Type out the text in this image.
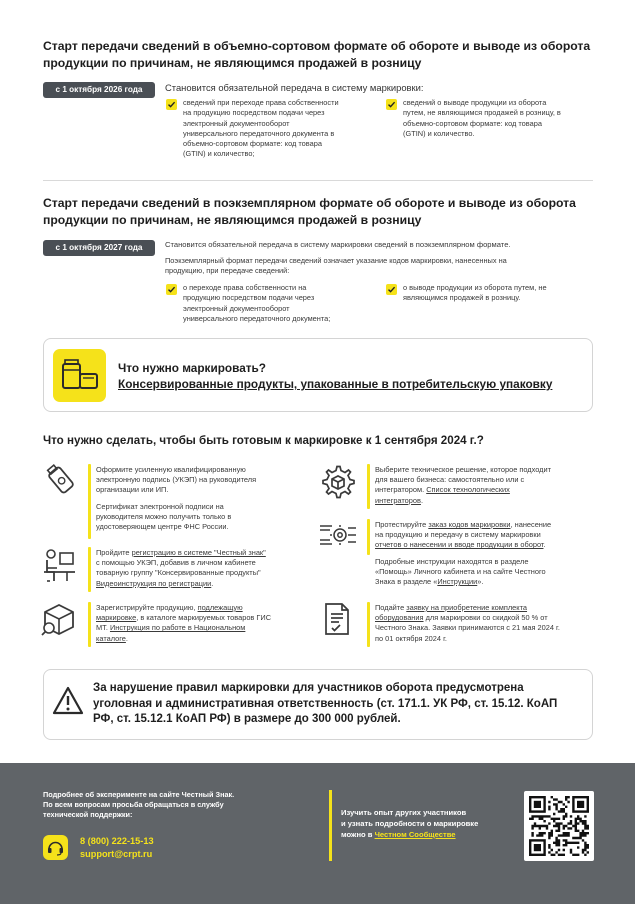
Старт передачи сведений в объемно-сортовом формате об обороте и выводе из оборота
продукции по причинам, не являющимся продажей в розницу
с 1 октября 2026 года	Становится обязательной передача в систему маркировки:
сведений при переходе права собственности
на продукцию посредством подачи через
электронный документооборот
универсального передаточного документа в
объемно-сортовом формате: код товара
(GTIN) и количество;
сведений о выводе продукции из оборота
путем, не являющимся продажей в розницу, в
объемно-сортовом формате: код товара
(GTIN) и количество.
Старт передачи сведений в поэкземплярном формате об обороте и выводе из оборота
продукции по причинам, не являющимся продажей в розницу
с 1 октября 2027 года	Становится обязательной передача в систему маркировки сведений в поэкземплярном формате.
Поэкземплярный формат передачи сведений означает указание кодов маркировки, нанесенных на
продукцию, при передаче сведений:
о переходе права собственности на
продукцию посредством подачи через
электронный документооборот
универсального передаточного документа;
о выводе продукции из оборота путем, не
являющимся продажей в розницу.
Что нужно маркировать?
Консервированные продукты, упакованные в потребительскую упаковку
Что нужно сделать, чтобы быть готовым к маркировке к 1 сентября 2024 г.?
Оформите усиленную квалифицированную
электронную подпись (УКЭП) на руководителя
организации или ИП.
Сертификат электронной подписи на
руководителя можно получить только в
удостоверяющем центре ФНС России.
Пройдите регистрацию в системе "Честный знак"
с помощью УКЭП, добавив в личном кабинете
товарную группу "Консервированные продукты"
Видеоинструкция по регистрации.
Зарегистрируйте продукцию, подлежащую
маркировке, в каталоге маркируемых товаров ГИС
МТ. Инструкция по работе в Национальном
каталоге.
Выберите техническое решение, которое подходит
для вашего бизнеса: самостоятельно или с
интегратором. Список технологических
интеграторов.
Протестируйте заказ кодов маркировки, нанесение
на продукцию и передачу в систему маркировки
отчетов о нанесении и вводе продукции в оборот.
Подробные инструкции находятся в разделе
«Помощь» Личного кабинета и на сайте Честного
Знака в разделе «Инструкции».
Подайте заявку на приобретение комплекта
оборудования для маркировки со скидкой 50 % от
Честного Знака. Заявки принимаются с 21 мая 2024 г.
по 01 октября 2024 г.
За нарушение правил маркировки для участников оборота предусмотрена
уголовная и административная ответственность (ст. 171.1. УК РФ, ст. 15.12. КоАП
РФ, ст. 15.12.1 КоАП РФ) в размере до 300 000 рублей.
Подробнее об эксперименте на сайте Честный Знак.
По всем вопросам просьба обращаться в службу
технической поддержки:
8 (800) 222-15-13
support@crpt.ru
Изучить опыт других участников
и узнать подробности о маркировке
можно в Честном Сообществе
